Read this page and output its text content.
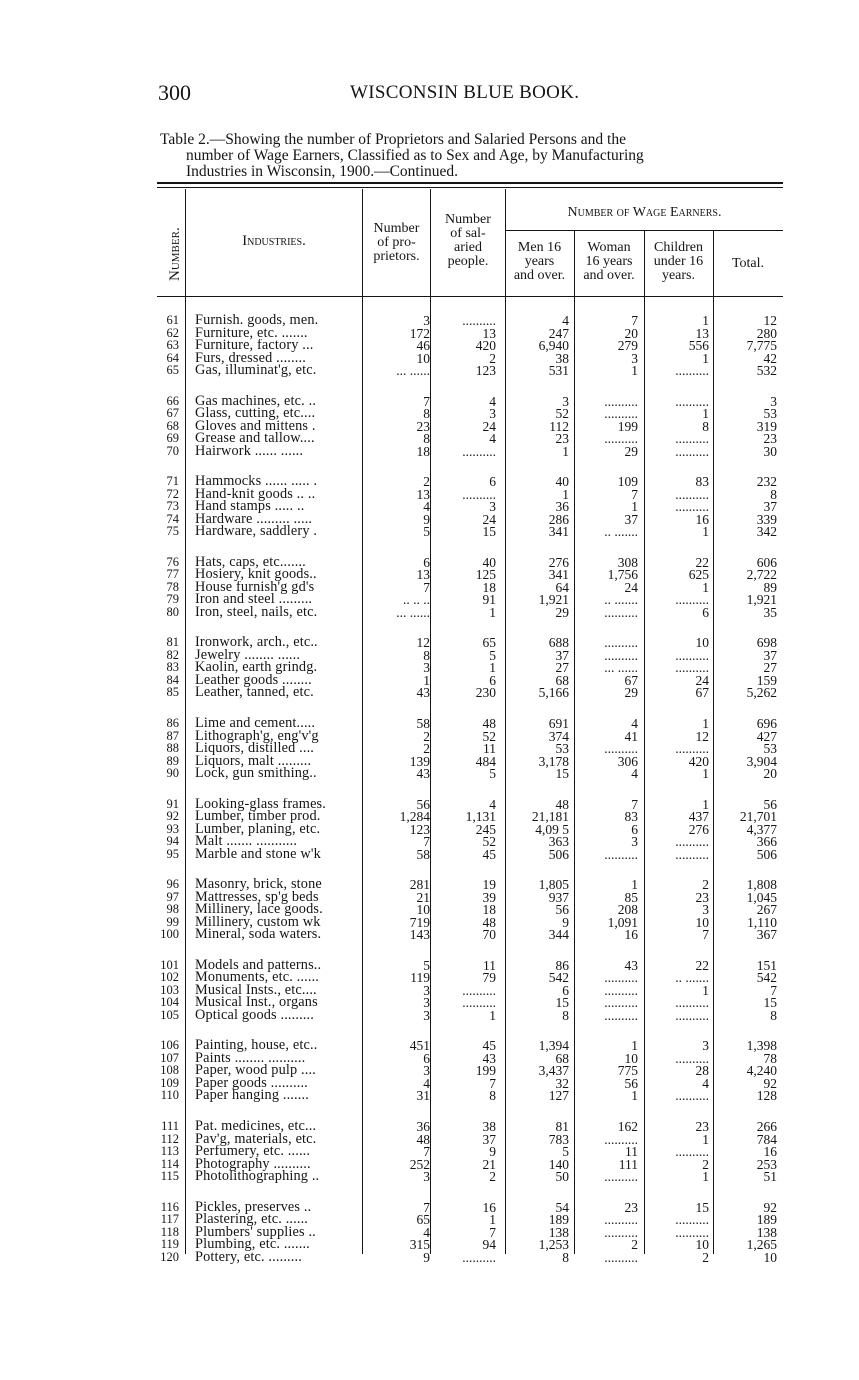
300	WISCONSIN BLUE BOOK.
Table 2.—Showing the number of Proprietors and Salaried Persons and the
number of Wage Earners, Classified as to Sex and Age, by Manufacturing
Industries in Wisconsin, 1900.—Continued.
Number.	Industries.
Number
of pro-
prietors.
Number
of sal-
aried
people.
Number of Wage Earners.
Men 16
years
and over.
Woman
16 years
and over.
Children
under 16
years.
Total.
61 Furnish. goods, men.	3	..........	4	7	1	12
62 Furniture, etc. .......	172	13	247	20	13	280
63 Furniture, factory ...	46	420	6,940	279	556	7,775
64 Furs, dressed ........	10	2	38	3	1	42
65 Gas, illuminat'g, etc.	... ......	123	531	1	..........	532
66 Gas machines, etc. ..	7	4	3	..........	..........	3
67 Glass, cutting, etc....	8	3	52	..........	1	53
68 Gloves and mittens .	23	24	112	199	8	319
69 Grease and tallow....	8	4	23	..........	..........	23
70 Hairwork ...... ......	18	..........	1	29	..........	30
71 Hammocks ...... ..... .	2	6	40	109	83	232
72 Hand-knit goods .. ..	13	..........	1	7	..........	8
73 Hand stamps ..... ..	4	3	36	1	..........	37
74 Hardware ......... .....	9	24	286	37	16	339
75 Hardware, saddlery .	5	15	341	.. .......	1	342
76 Hats, caps, etc.......	6	40	276	308	22	606
77 Hosiery, knit goods..	13	125	341	1,756	625	2,722
78 House furnish'g gd's	7	18	64	24	1	89
79 Iron and steel .........	.. .. ..	91	1,921	.. .......	..........	1,921
80 Iron, steel, nails, etc.	... ......	1	29	..........	6	35
81 Ironwork, arch., etc..	12	65	688	..........	10	698
82 Jewelry ........ ......	8	5	37	..........	..........	37
83 Kaolin, earth grindg.	3	1	27	... ......	..........	27
84 Leather goods ........	1	6	68	67	24	159
85 Leather, tanned, etc.	43	230	5,166	29	67	5,262
86 Lime and cement.....	58	48	691	4	1	696
87 Lithograph'g, eng'v'g	2	52	374	41	12	427
88 Liquors, distilled ....	2	11	53	..........	..........	53
89 Liquors, malt .........	139	484	3,178	306	420	3,904
90 Lock, gun smithing..	43	5	15	4	1	20
91 Looking-glass frames.	56	4	48	7	1	56
92 Lumber, timber prod.	1,284	1,131	21,181	83	437	21,701
93 Lumber, planing, etc.	123	245	4,09 5	6	276	4,377
94 Malt ....... ...........	7	52	363	3	..........	366
95 Marble and stone w'k	58	45	506	..........	..........	506
96 Masonry, brick, stone	281	19	1,805	1	2	1,808
97 Mattresses, sp'g beds	21	39	937	85	23	1,045
98 Millinery, lace goods.	10	18	56	208	3	267
99 Millinery, custom wk	719	48	9	1,091	10	1,110
100 Mineral, soda waters.	143	70	344	16	7	367
101 Models and patterns..	5	11	86	43	22	151
102 Monuments, etc. ......	119	79	542	..........	.. .......	542
103 Musical Insts., etc....	3	..........	6	..........	1	7
104 Musical Inst., organs	3	..........	15	..........	..........	15
105 Optical goods .........	3	1	8	..........	..........	8
106 Painting, house, etc..	451	45	1,394	1	3	1,398
107 Paints ........ ..........	6	43	68	10	..........	78
108 Paper, wood pulp ....	3	199	3,437	775	28	4,240
109 Paper goods ..........	4	7	32	56	4	92
110 Paper hanging .......	31	8	127	1	..........	128
111 Pat. medicines, etc...	36	38	81	162	23	266
112 Pav'g, materials, etc.	48	37	783	..........	1	784
113 Perfumery, etc. ......	7	9	5	11	..........	16
114 Photography ..........	252	21	140	111	2	253
115 Photolithographing ..	3	2	50	..........	1	51
116 Pickles, preserves ..	7	16	54	23	15	92
117 Plastering, etc. ......	65	1	189	..........	..........	189
118 Plumbers' supplies ..	4	7	138	..........	..........	138
119 Plumbing, etc. .......	315	94	1,253	2	10	1,265
120 Pottery, etc. .........	9	..........	8	..........	2	10
